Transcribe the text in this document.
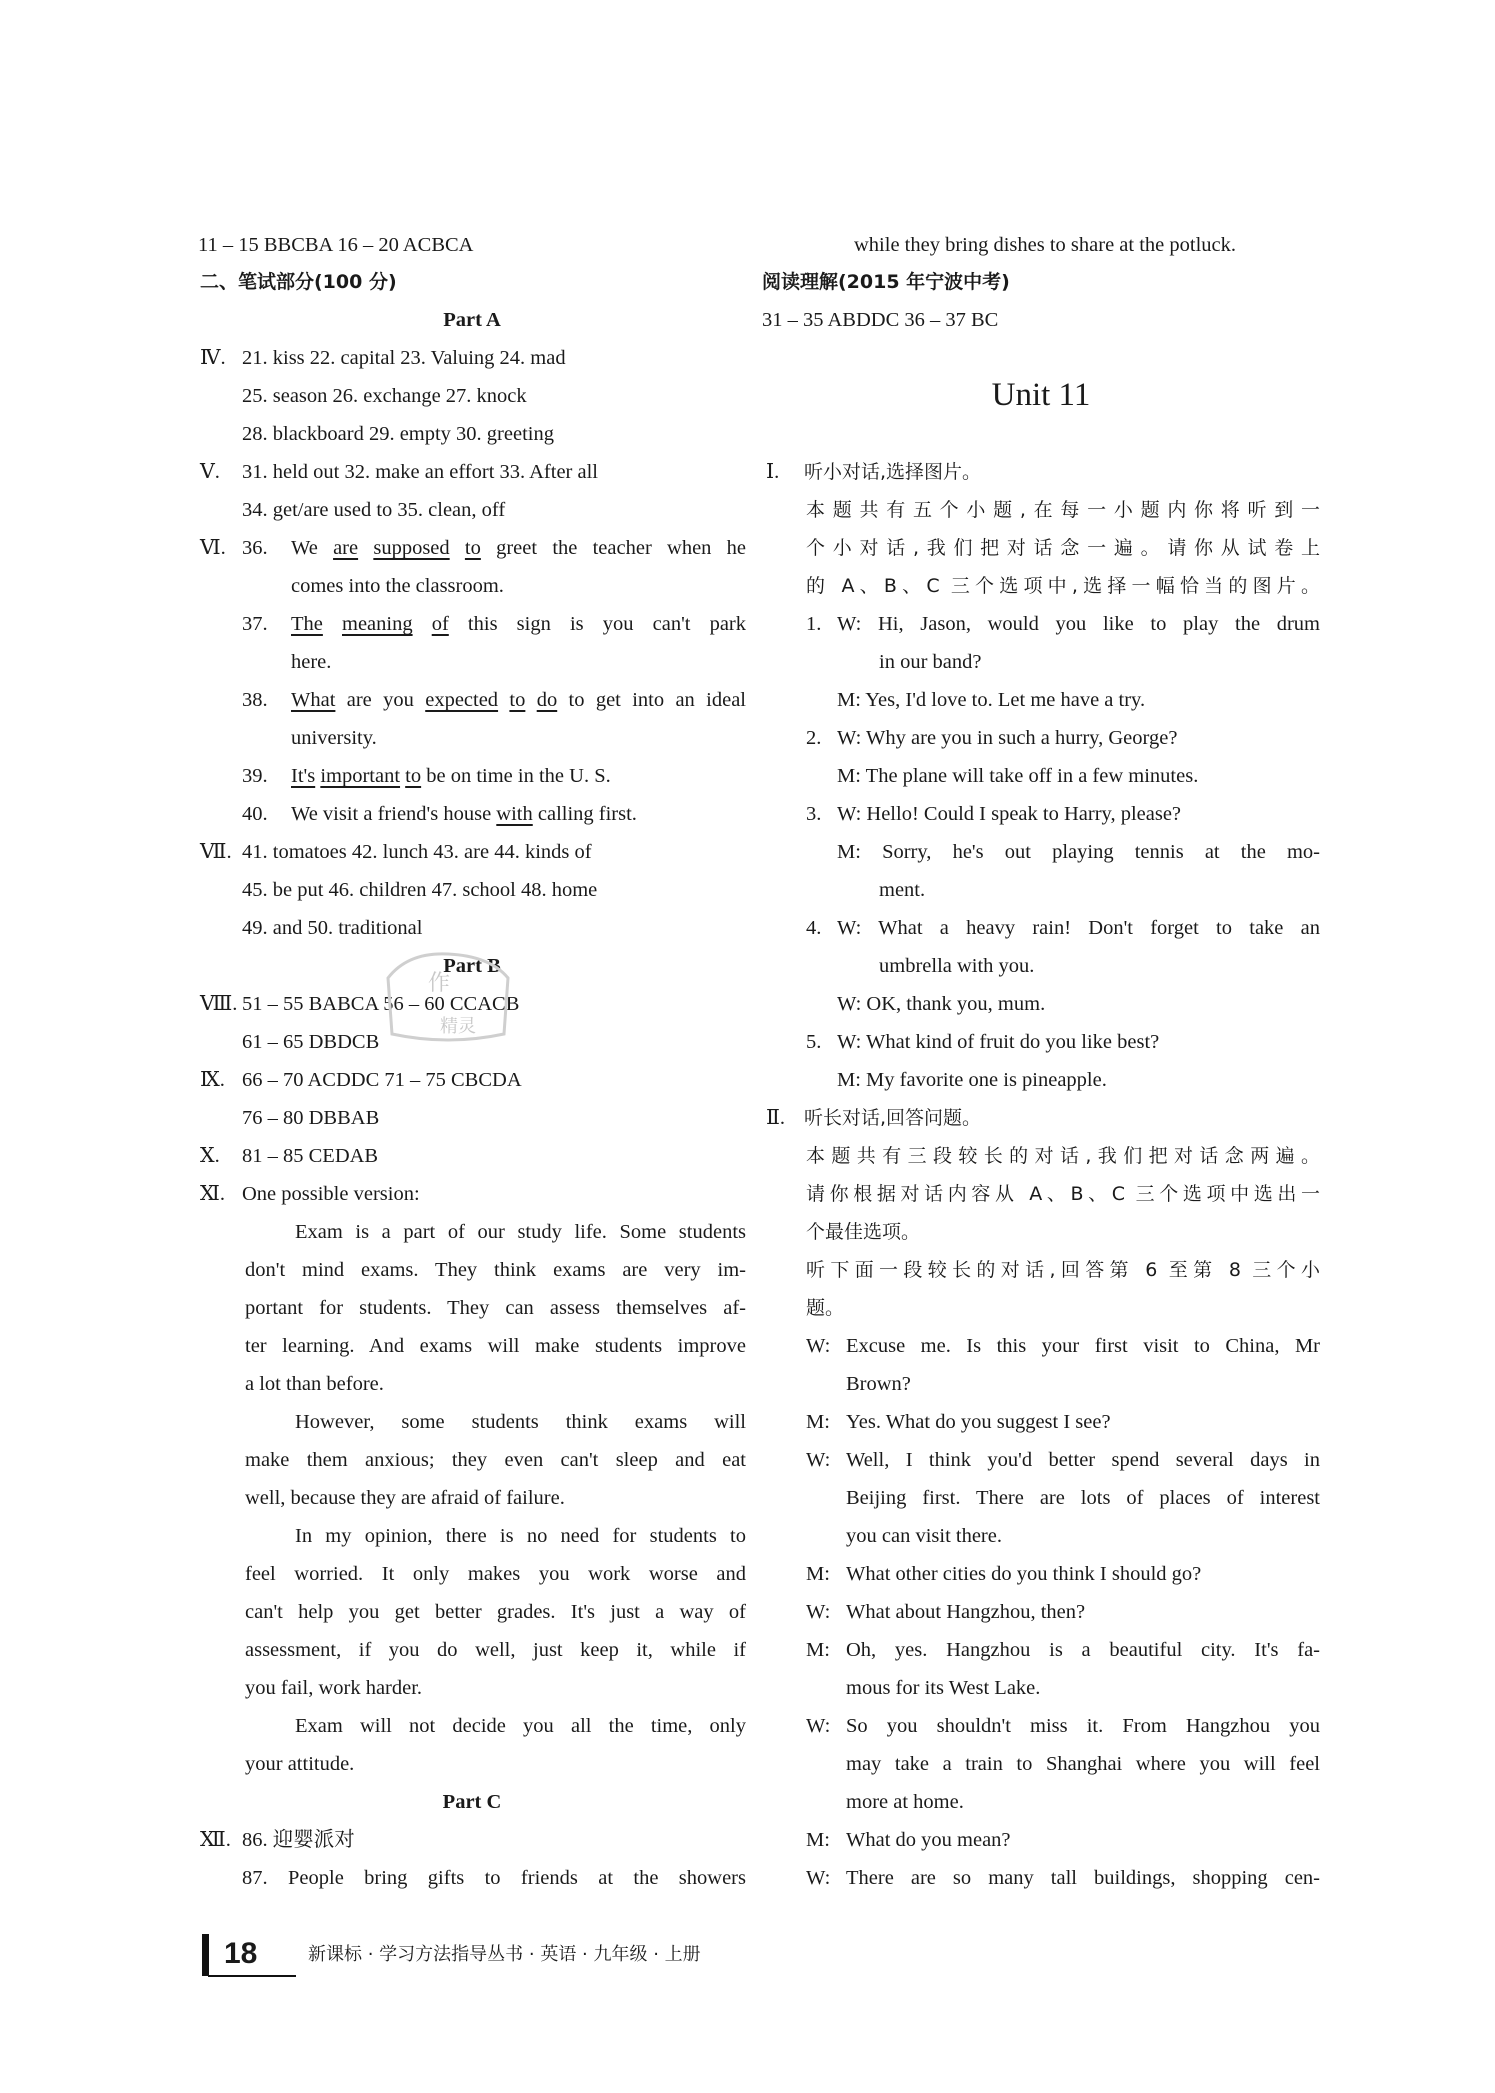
11 – 15 BBCBA 16 – 20 ACBCA
二、笔试部分(100 分)
Part A
Ⅳ. 21. kiss 22. capital 23. Valuing 24. mad
25. season 26. exchange 27. knock
28. blackboard 29. empty 30. greeting
Ⅴ. 31. held out 32. make an effort 33. After all
34. get/are used to 35. clean, off
Ⅵ. 36. We are supposed to greet the teacher when he
comes into the classroom.
37. The meaning of this sign is you can't park
here.
38. What are you expected to do to get into an ideal
university.
39. It's important to be on time in the U. S.
40. We visit a friend's house with calling first.
Ⅶ. 41. tomatoes 42. lunch 43. are 44. kinds of
45. be put 46. children 47. school 48. home
49. and 50. traditional
Part B
Ⅷ. 51 – 55 BABCA 56 – 60 CCACB
61 – 65 DBDCB
Ⅸ. 66 – 70 ACDDC 71 – 75 CBCDA
76 – 80 DBBAB
Ⅹ. 81 – 85 CEDAB
Ⅺ. One possible version:
Exam is a part of our study life. Some students
don't mind exams. They think exams are very im-
portant for students. They can assess themselves af-
ter learning. And exams will make students improve
a lot than before.
However, some students think exams will
make them anxious; they even can't sleep and eat
well, because they are afraid of failure.
In my opinion, there is no need for students to
feel worried. It only makes you work worse and
can't help you get better grades. It's just a way of
assessment, if you do well, just keep it, while if
you fail, work harder.
Exam will not decide you all the time, only
your attitude.
Part C
Ⅻ. 86. 迎婴派对
87. People bring gifts to friends at the showers
while they bring dishes to share at the potluck.
阅读理解(2015 年宁波中考)
31 – 35 ABDDC 36 – 37 BC
Unit 11
Ⅰ. 听小对话,选择图片。
本题共有五个小题,在每一小题内你将听到一
个小对话,我们把对话念一遍。请你从试卷上
的 A、B、C 三个选项中,选择一幅恰当的图片。
1. W: Hi, Jason, would you like to play the drum
in our band?
M: Yes, I'd love to. Let me have a try.
2. W: Why are you in such a hurry, George?
M: The plane will take off in a few minutes.
3. W: Hello! Could I speak to Harry, please?
M: Sorry, he's out playing tennis at the mo-
ment.
4. W: What a heavy rain! Don't forget to take an
umbrella with you.
W: OK, thank you, mum.
5. W: What kind of fruit do you like best?
M: My favorite one is pineapple.
Ⅱ. 听长对话,回答问题。
本题共有三段较长的对话,我们把对话念两遍。
请你根据对话内容从 A、B、C 三个选项中选出一
个最佳选项。
听下面一段较长的对话,回答第 6 至第 8 三个小
题。
W: Excuse me. Is this your first visit to China, Mr
Brown?
M: Yes. What do you suggest I see?
W: Well, I think you'd better spend several days in
Beijing first. There are lots of places of interest
you can visit there.
M: What other cities do you think I should go?
W: What about Hangzhou, then?
M: Oh, yes. Hangzhou is a beautiful city. It's fa-
mous for its West Lake.
W: So you shouldn't miss it. From Hangzhou you
may take a train to Shanghai where you will feel
more at home.
M: What do you mean?
W: There are so many tall buildings, shopping cen-
作
精灵
18	新课标 · 学习方法指导丛书 · 英语 · 九年级 · 上册
